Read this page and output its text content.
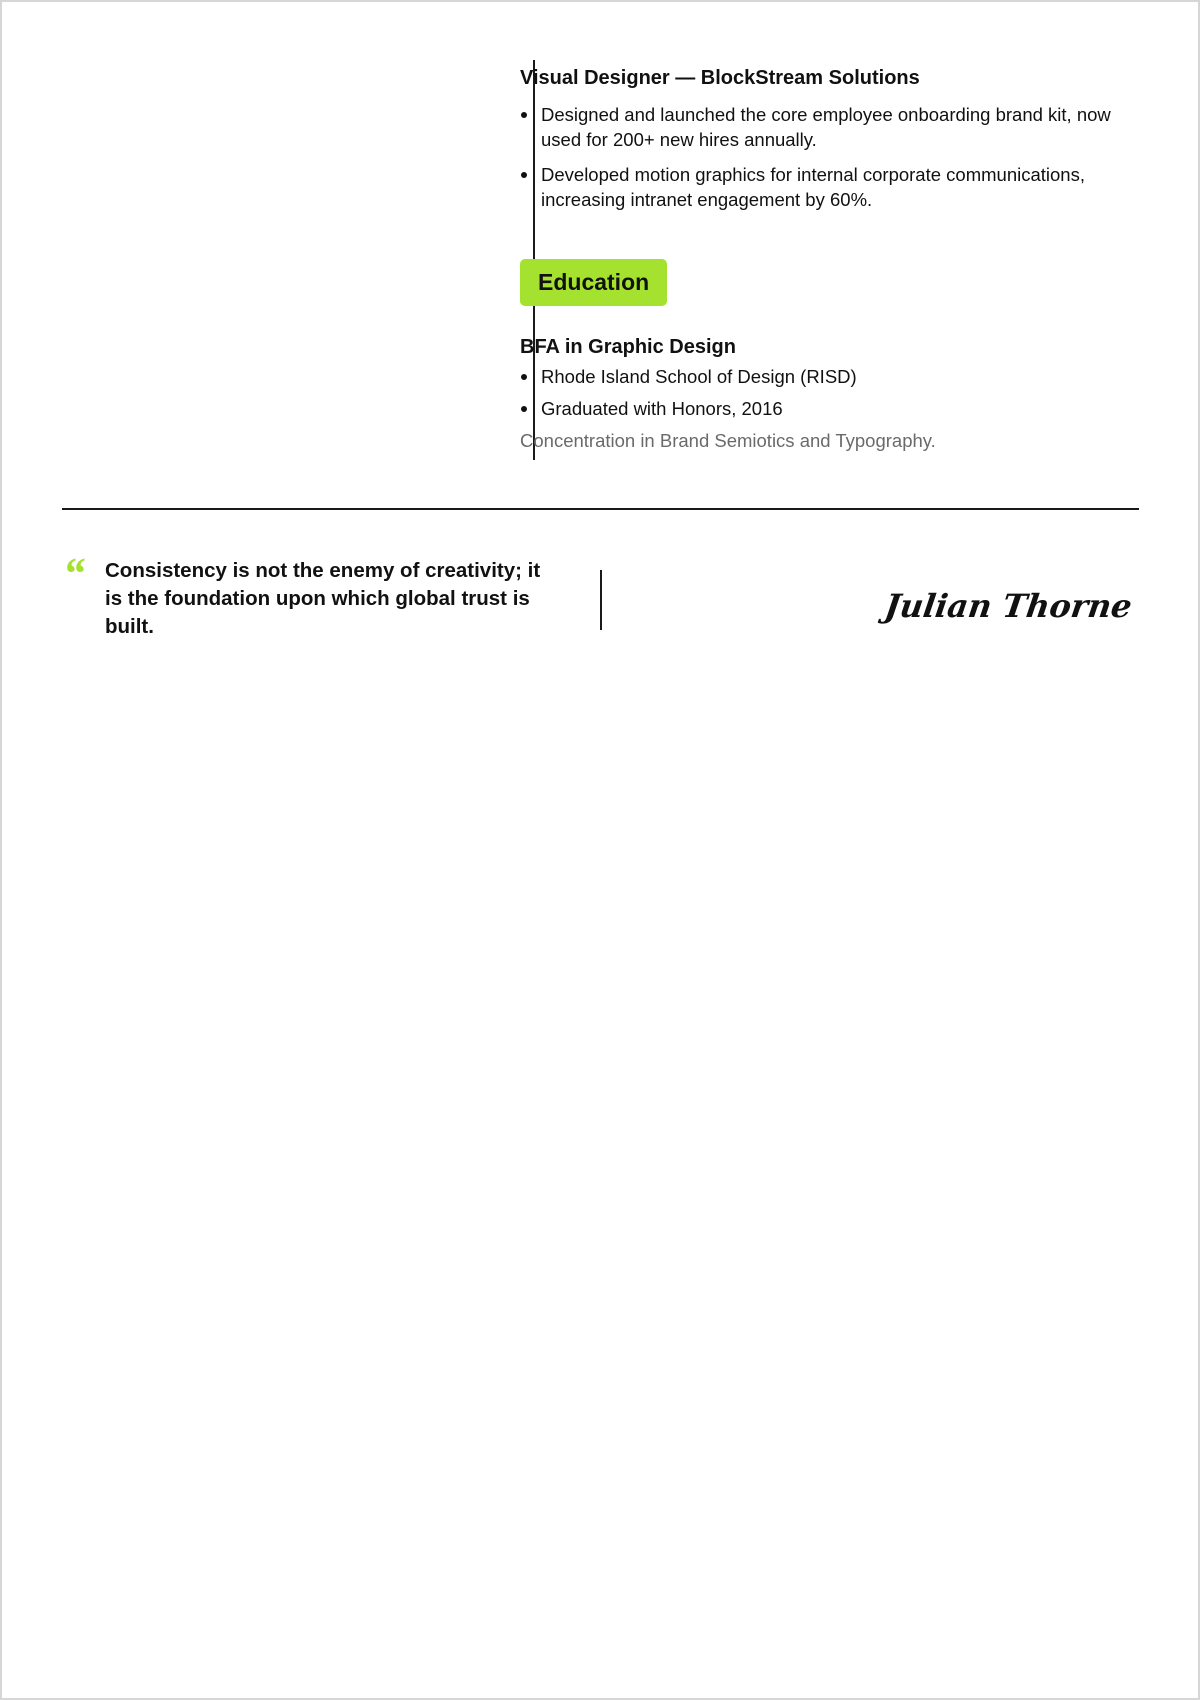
Visual Designer — BlockStream Solutions
Designed and launched the core employee onboarding brand kit, now used for 200+ new hires annually.
Developed motion graphics for internal corporate communications, increasing intranet engagement by 60%.
Education
BFA in Graphic Design
Rhode Island School of Design (RISD)
Graduated with Honors, 2016
Concentration in Brand Semiotics and Typography.
“ Consistency is not the enemy of creativity; it is the foundation upon which global trust is built.
Julian Thorne
